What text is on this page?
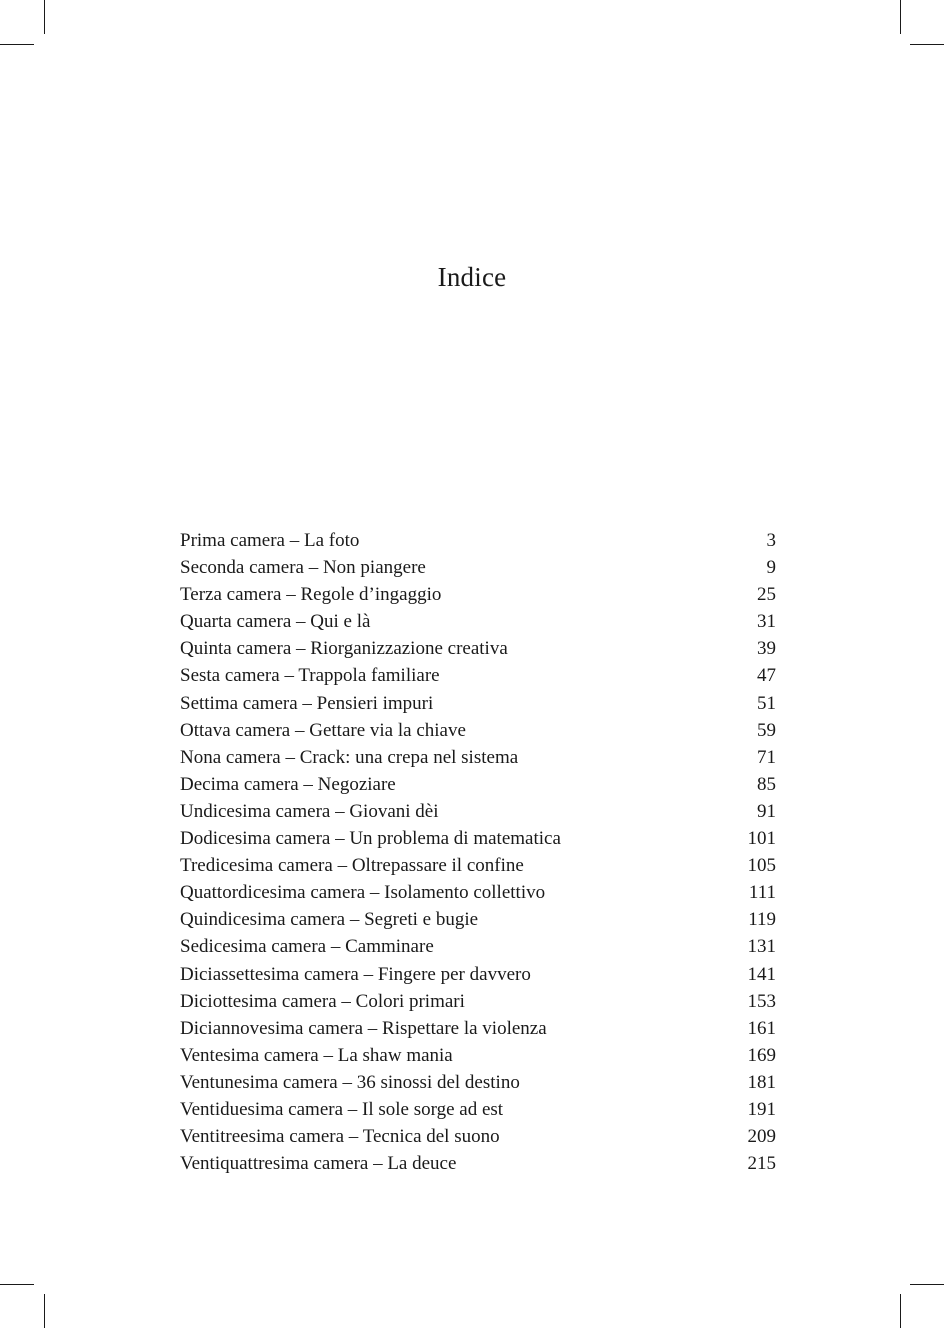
Indice
Prima camera – La foto	3
Seconda camera – Non piangere	9
Terza camera – Regole d’ingaggio	25
Quarta camera – Qui e là	31
Quinta camera – Riorganizzazione creativa	39
Sesta camera – Trappola familiare	47
Settima camera – Pensieri impuri	51
Ottava camera – Gettare via la chiave	59
Nona camera – Crack: una crepa nel sistema	71
Decima camera – Negoziare	85
Undicesima camera – Giovani dèi	91
Dodicesima camera – Un problema di matematica	101
Tredicesima camera – Oltrepassare il confine	105
Quattordicesima camera – Isolamento collettivo	111
Quindicesima camera – Segreti e bugie	119
Sedicesima camera – Camminare	131
Diciassettesima camera – Fingere per davvero	141
Diciottesima camera – Colori primari	153
Diciannovesima camera – Rispettare la violenza	161
Ventesima camera – La shaw mania	169
Ventunesima camera – 36 sinossi del destino	181
Ventiduesima camera – Il sole sorge ad est	191
Ventitreesima camera – Tecnica del suono	209
Ventiquattresima camera – La deuce	215
